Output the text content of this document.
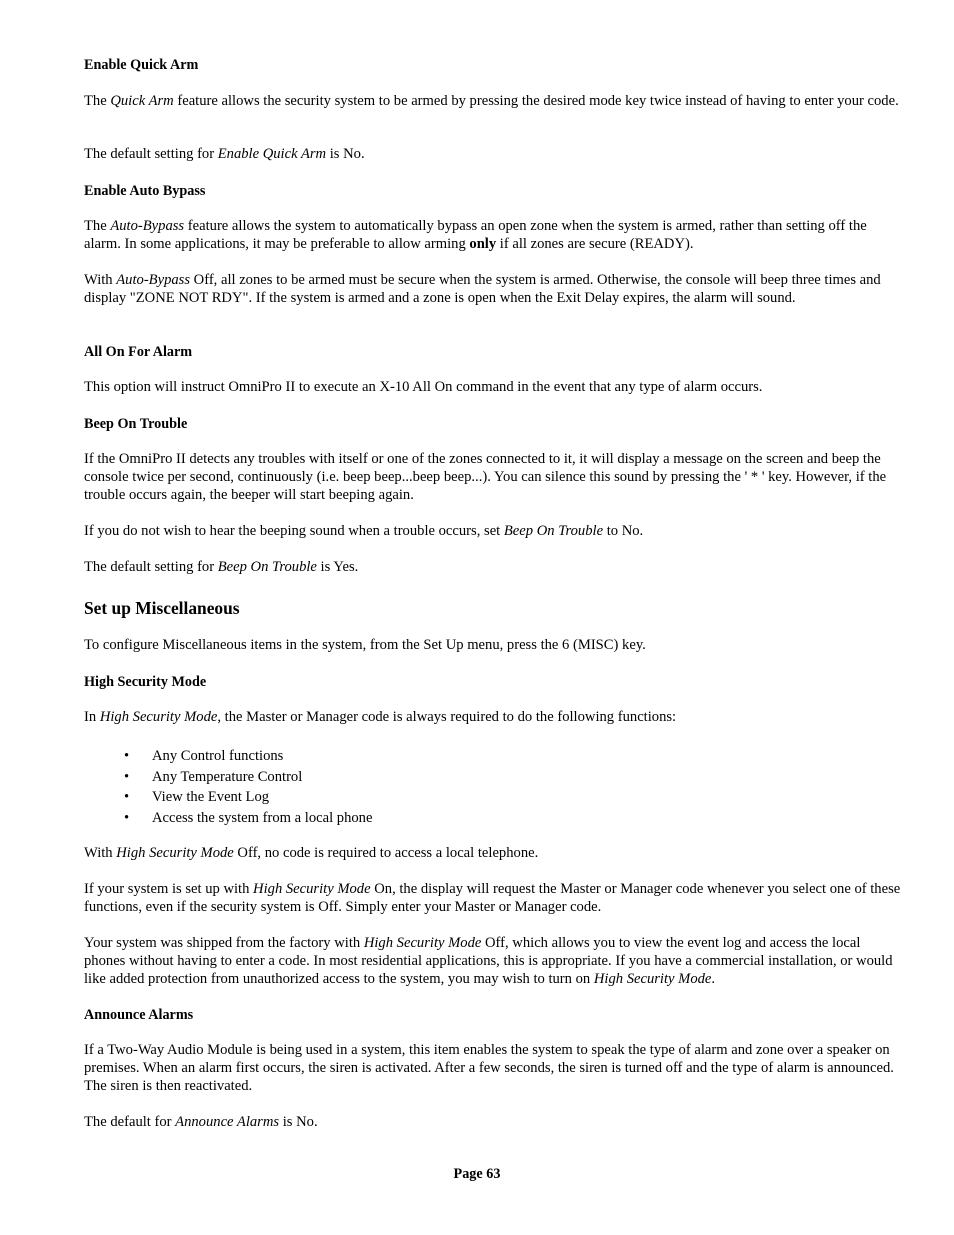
Enable Quick Arm

The Quick Arm feature allows the security system to be armed by pressing the desired mode key twice instead of having to enter your code.

The default setting for Enable Quick Arm is No.

Enable Auto Bypass

The Auto-Bypass feature allows the system to automatically bypass an open zone when the system is armed, rather than setting off the alarm. In some applications, it may be preferable to allow arming only if all zones are secure (READY).

With Auto-Bypass Off, all zones to be armed must be secure when the system is armed. Otherwise, the console will beep three times and display "ZONE NOT RDY". If the system is armed and a zone is open when the Exit Delay expires, the alarm will sound.

All On For Alarm

This option will instruct OmniPro II to execute an X-10 All On command in the event that any type of alarm occurs.

Beep On Trouble

If the OmniPro II detects any troubles with itself or one of the zones connected to it, it will display a message on the screen and beep the console twice per second, continuously (i.e. beep beep...beep beep...). You can silence this sound by pressing the ' * ' key. However, if the trouble occurs again, the beeper will start beeping again.

If you do not wish to hear the beeping sound when a trouble occurs, set Beep On Trouble to No.

The default setting for Beep On Trouble is Yes.

Set up Miscellaneous

To configure Miscellaneous items in the system, from the Set Up menu, press the 6 (MISC) key.

High Security Mode

In High Security Mode, the Master or Manager code is always required to do the following functions:

• Any Control functions
• Any Temperature Control
• View the Event Log
• Access the system from a local phone

With High Security Mode Off, no code is required to access a local telephone.

If your system is set up with High Security Mode On, the display will request the Master or Manager code whenever you select one of these functions, even if the security system is Off. Simply enter your Master or Manager code.

Your system was shipped from the factory with High Security Mode Off, which allows you to view the event log and access the local phones without having to enter a code. In most residential applications, this is appropriate. If you have a commercial installation, or would like added protection from unauthorized access to the system, you may wish to turn on High Security Mode.

Announce Alarms

If a Two-Way Audio Module is being used in a system, this item enables the system to speak the type of alarm and zone over a speaker on premises. When an alarm first occurs, the siren is activated. After a few seconds, the siren is turned off and the type of alarm is announced. The siren is then reactivated.

The default for Announce Alarms is No.

Page 63
